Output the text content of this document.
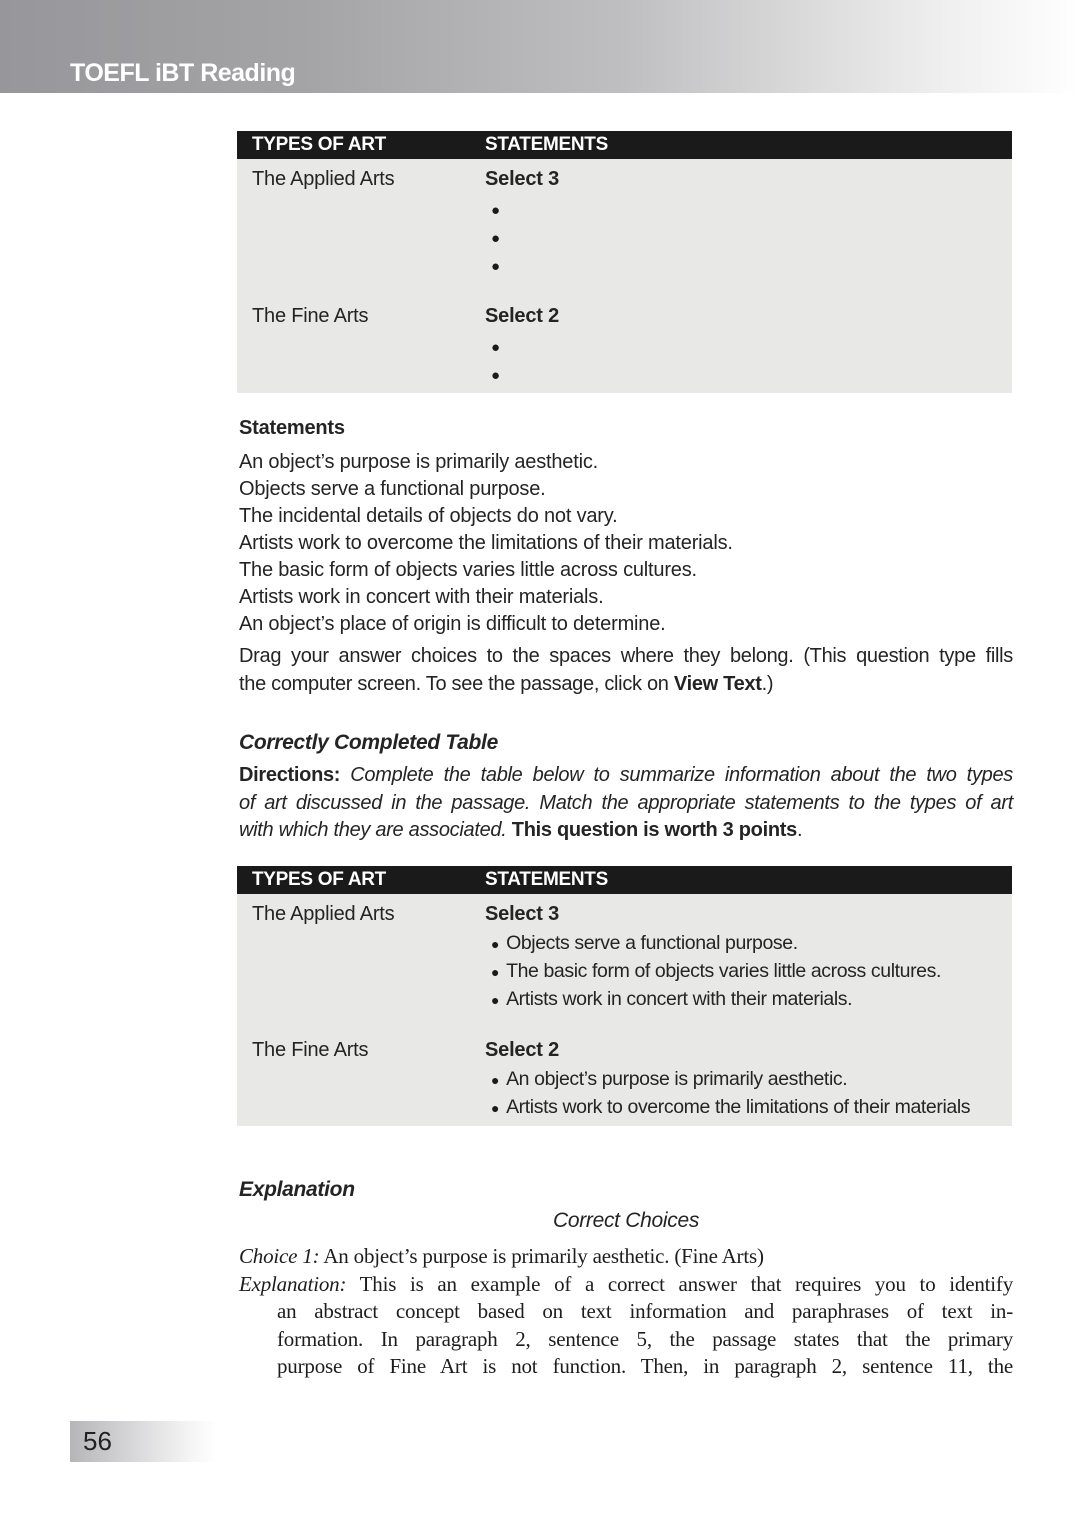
TOEFL iBT Reading
TYPES OF ART	STATEMENTS
The Applied Arts	Select 3
●
●
●
The Fine Arts	Select 2
●
●
Statements
An object’s purpose is primarily aesthetic.
Objects serve a functional purpose.
The incidental details of objects do not vary.
Artists work to overcome the limitations of their materials.
The basic form of objects varies little across cultures.
Artists work in concert with their materials.
An object’s place of origin is difficult to determine.
Drag your answer choices to the spaces where they belong. (This question type fills
the computer screen. To see the passage, click on View Text.)
Correctly Completed Table
Directions: Complete the table below to summarize information about the two types
of art discussed in the passage. Match the appropriate statements to the types of art
with which they are associated. This question is worth 3 points.
TYPES OF ART	STATEMENTS
The Applied Arts	Select 3
● Objects serve a functional purpose.
● The basic form of objects varies little across cultures.
● Artists work in concert with their materials.
The Fine Arts	Select 2
● An object’s purpose is primarily aesthetic.
● Artists work to overcome the limitations of their materials
Explanation
Correct Choices
Choice 1: An object’s purpose is primarily aesthetic. (Fine Arts)
Explanation: This is an example of a correct answer that requires you to identify
an abstract concept based on text information and paraphrases of text in-
formation. In paragraph 2, sentence 5, the passage states that the primary
purpose of Fine Art is not function. Then, in paragraph 2, sentence 11, the
56
